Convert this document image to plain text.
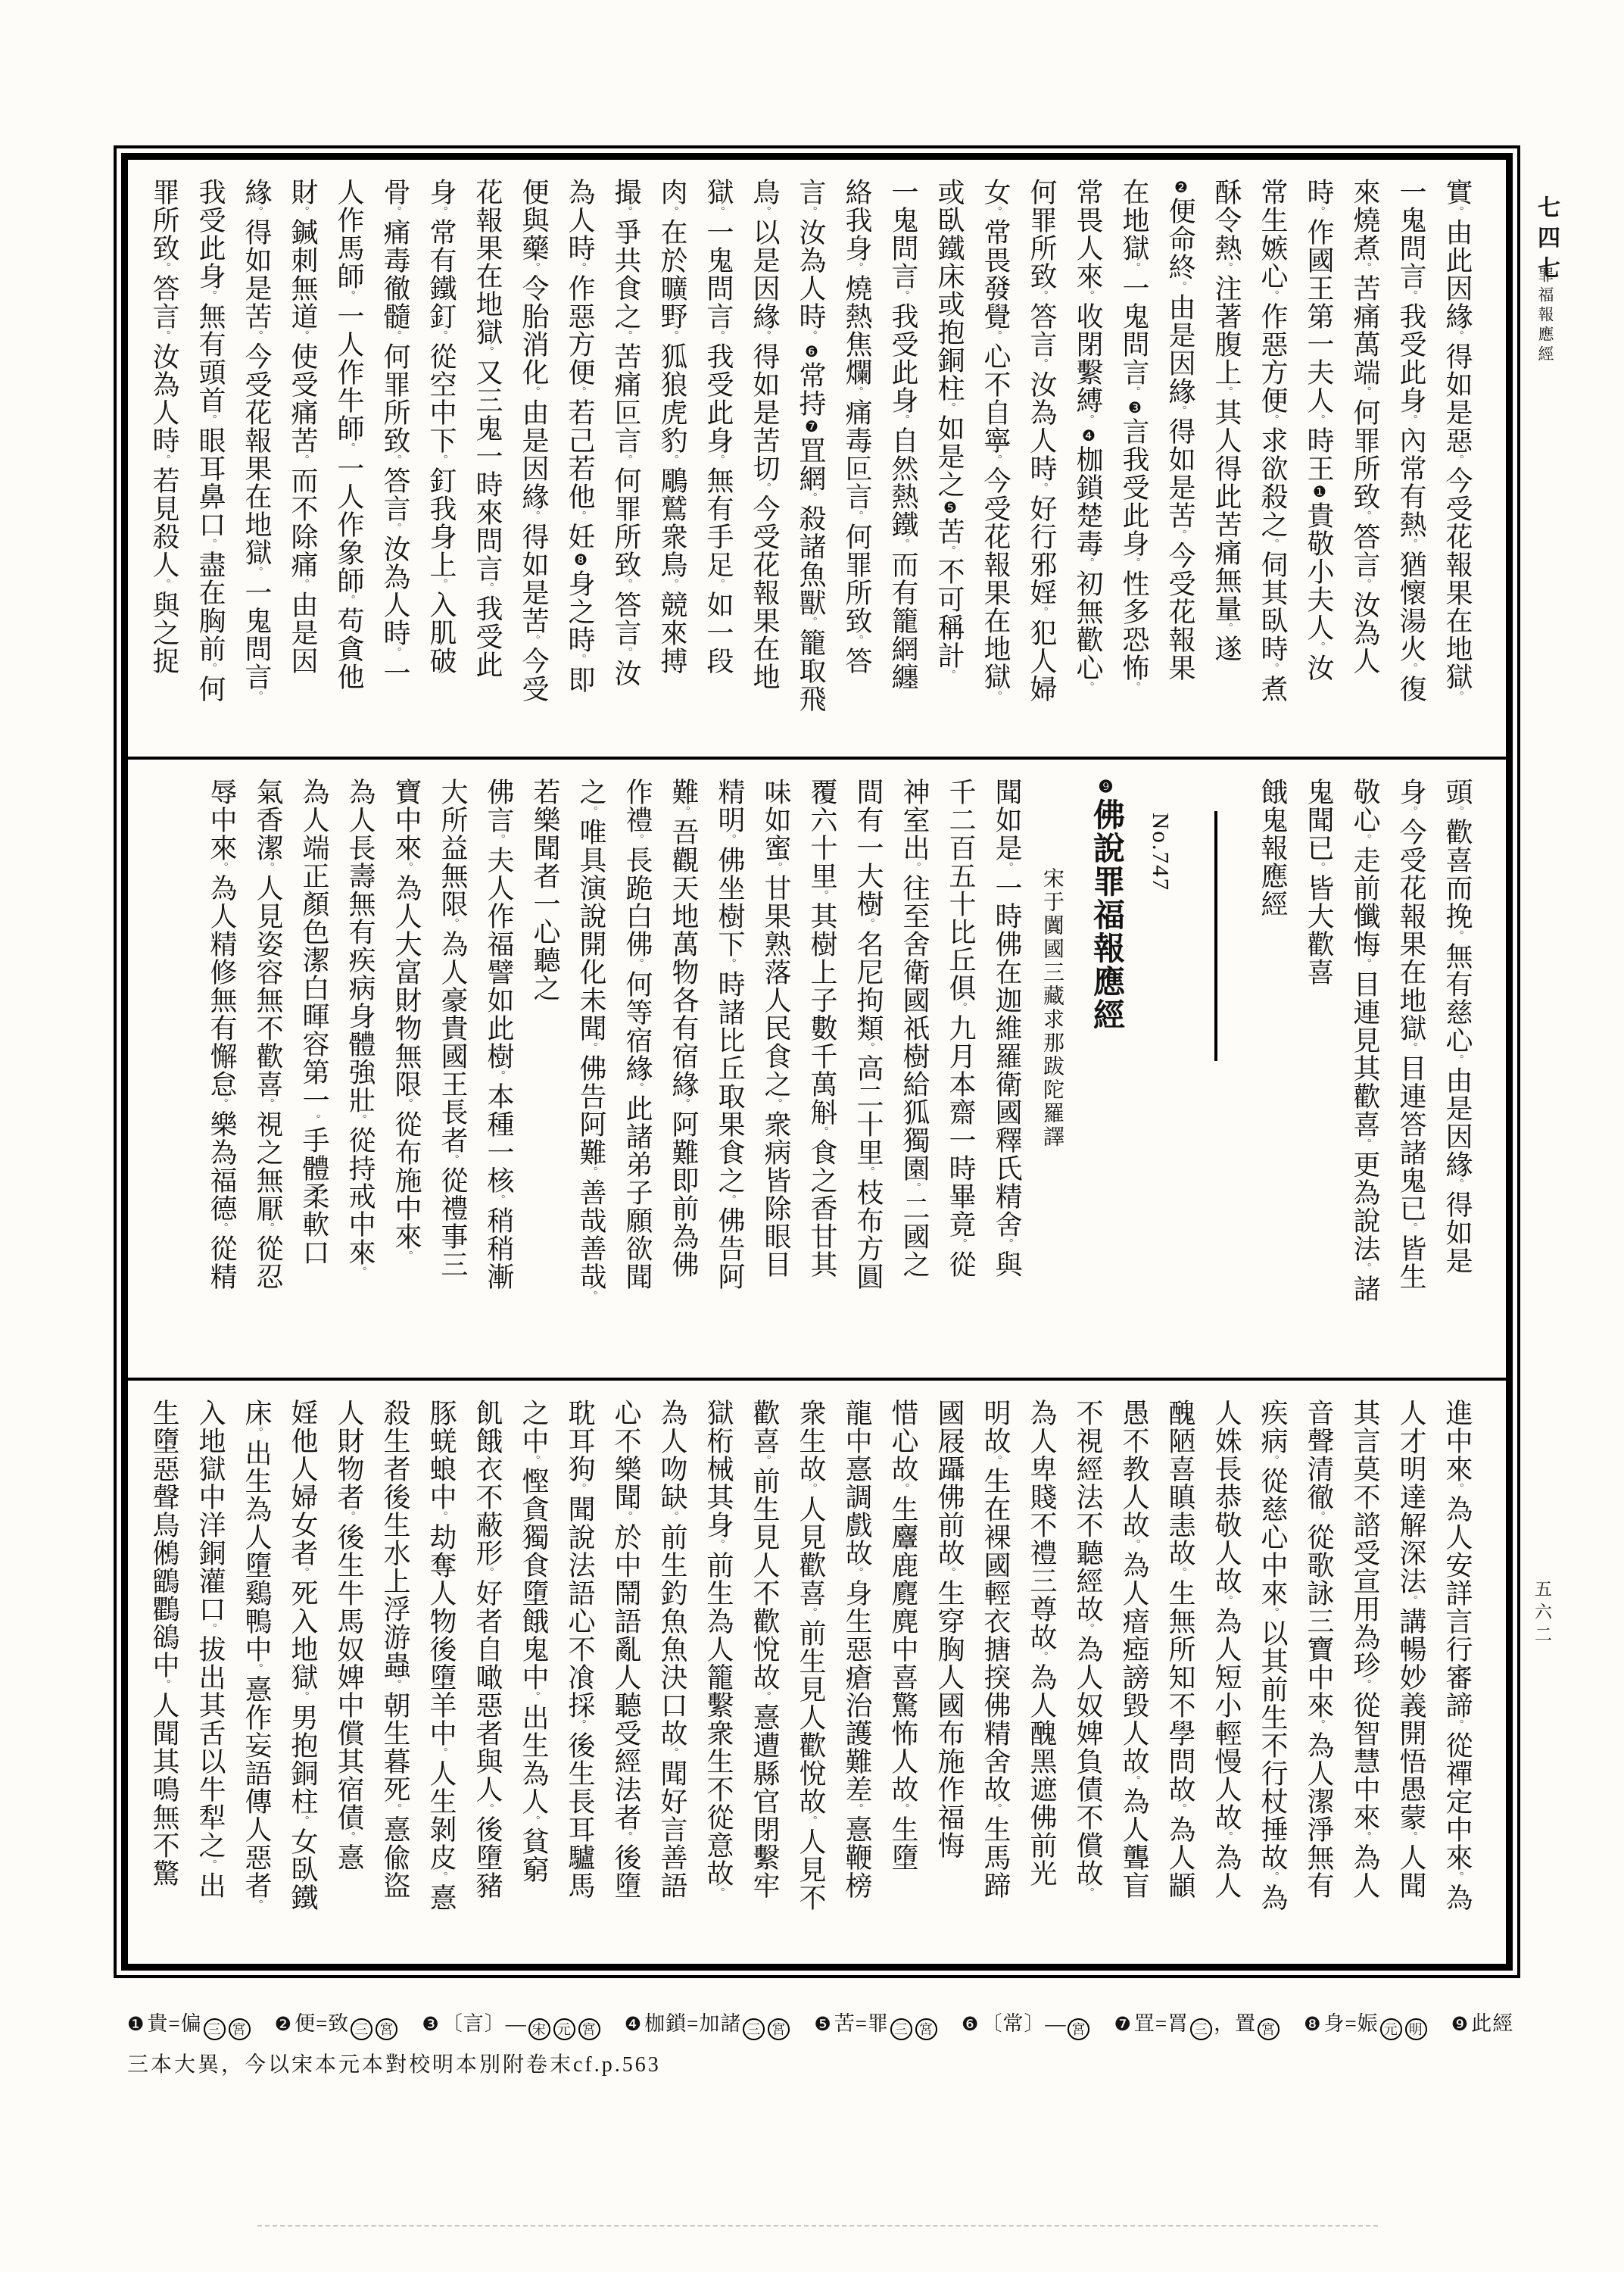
七四七
罪福報應經
五六二
實。由此因緣。得如是惡。今受花報果在地獄。
一鬼問言。我受此身。內常有熱。猶懷湯火。復
來燒煮。苦痛萬端。何罪所致。答言。汝為人
時。作國王第一夫人。時王❶貴敬小夫人。汝
常生嫉心。作惡方便。求欲殺之。伺其臥時。煮
酥令熱。注著腹上。其人得此苦痛無量。遂
❷便命終。由是因緣。得如是苦。今受花報果
在地獄。一鬼問言。❸言我受此身。性多恐怖。
常畏人來。收閉繫縛。❹枷鎖楚毒。初無歡心。
何罪所致。答言。汝為人時。好行邪婬。犯人婦
女。常畏發覺。心不自寧。今受花報果在地獄。
或臥鐵床或抱銅柱。如是之❺苦。不可稱計。
一鬼問言。我受此身。自然熱鐵。而有籠網纏
絡我身。燒熱焦爛。痛毒叵言。何罪所致。答
言。汝為人時。❻常持❼罝網。殺諸魚獸。籠取飛
鳥。以是因緣。得如是苦切。今受花報果在地
獄。一鬼問言。我受此身。無有手足。如一段
肉。在於曠野。狐狼虎豹。鵰鷲衆鳥。競來搏
撮。爭共食之。苦痛叵言。何罪所致。答言。汝
為人時。作惡方便。若己若他。妊❽身之時。即
便與藥。令胎消化。由是因緣。得如是苦。今受
花報果在地獄。又三鬼一時來問言。我受此
身。常有鐵釘。從空中下。釘我身上。入肌破
骨。痛毒徹髓。何罪所致。答言。汝為人時。一
人作馬師。一人作牛師。一人作象師。苟貪他
財。鍼刺無道。使受痛苦。而不除痛。由是因
緣。得如是苦。今受花報果在地獄。一鬼問言。
我受此身。無有頭首。眼耳鼻口。盡在胸前。何
罪所致。答言。汝為人時。若見殺人。與之捉
頭。歡喜而挽。無有慈心。由是因緣。得如是
身。今受花報果在地獄。目連答諸鬼已。皆生
敬心。走前懺悔。目連見其歡喜。更為說法。諸
鬼聞已。皆大歡喜
餓鬼報應經
No.747
❾佛說罪福報應經
宋于闐國三藏求那跋陀羅譯
聞如是。一時佛在迦維羅衛國釋氏精舍。與
千二百五十比丘俱。九月本齋一時畢竟。從
神室出。往至舍衛國祇樹給狐獨園。二國之
間有一大樹。名尼拘類。高二十里。枝布方圓
覆六十里。其樹上子數千萬斛。食之香甘其
味如蜜。甘果熟落人民食之。衆病皆除眼目
精明。佛坐樹下。時諸比丘取果食之。佛告阿
難。吾觀天地萬物各有宿緣。阿難即前為佛
作禮。長跪白佛。何等宿緣。此諸弟子願欲聞
之。唯具演說開化未聞。佛告阿難。善哉善哉。
若樂聞者一心聽之
佛言。夫人作福譬如此樹。本種一核。稍稍漸
大所益無限。為人豪貴國王長者。從禮事三
寶中來。為人大富財物無限。從布施中來。
為人長壽無有疾病身體強壯。從持戒中來。
為人端正顏色潔白暉容第一。手體柔軟口
氣香潔。人見姿容無不歡喜。視之無厭。從忍
辱中來。為人精修無有懈怠。樂為福德。從精
進中來。為人安詳言行審諦。從禪定中來。為
人才明達解深法。講暢妙義開悟愚蒙。人聞
其言莫不諮受宣用為珍。從智慧中來。為人
音聲清徹。從歌詠三寶中來。為人潔淨無有
疾病。從慈心中來。以其前生不行杖捶故。為
人姝長恭敬人故。為人短小輕慢人故。為人
醜陋喜瞋恚故。生無所知不學問故。為人顓
愚不教人故。為人瘖瘂謗毀人故。為人聾盲
不視經法不聽經故。為人奴婢負債不償故。
為人卑賤不禮三尊故。為人醜黑遮佛前光
明故。生在裸國輕衣搪揬佛精舍故。生馬蹄
國屐躡佛前故。生穿胸人國布施作福悔
惜心故。生麞鹿麑麂中喜驚怖人故。生墮
龍中憙調戲故。身生惡瘡治護難差。憙鞭榜
衆生故。人見歡喜。前生見人歡悅故。人見不
歡喜。前生見人不歡悅故。憙遭縣官閉繫牢
獄桁械其身。前生為人籠繫衆生不從意故。
為人吻缺。前生釣魚魚決口故。聞好言善語
心不樂聞。於中鬧語亂人聽受經法者。後墮
耽耳狗。聞說法語心不飡採。後生長耳驢馬
之中。慳貪獨食墮餓鬼中。出生為人。貧窮
飢餓衣不蔽形。好者自噉惡者與人。後墮豬
豚蜣蜋中。劫奪人物後墮羊中。人生剝皮。憙
殺生者後生水上浮游蟲。朝生暮死。憙偸盜
人財物者。後生牛馬奴婢中償其宿債。憙
婬他人婦女者。死入地獄。男抱銅柱。女臥鐵
床。出生為人墮鷄鴨中。憙作妄語傳人惡者。
入地獄中洋銅灌口。拔出其舌以牛犁之。出
生墮惡聲鳥鵂鶹鸜鵒中。人聞其鳴無不驚
❶ 貴=偏 三 宮 ❷ 便=致 三 宮 ❸ 〔言〕— 宋 元 宮 ❹ 枷鎖=加諸 三 宮 ❺ 苦=罪 三 宮 ❻ 〔常〕— 宮 ❼ 罝=罥 三 ，置 宮 ❽ 身=娠 元 明 ❾ 此經
三本大異，今以宋本元本對校明本別附卷末cf.p.563
